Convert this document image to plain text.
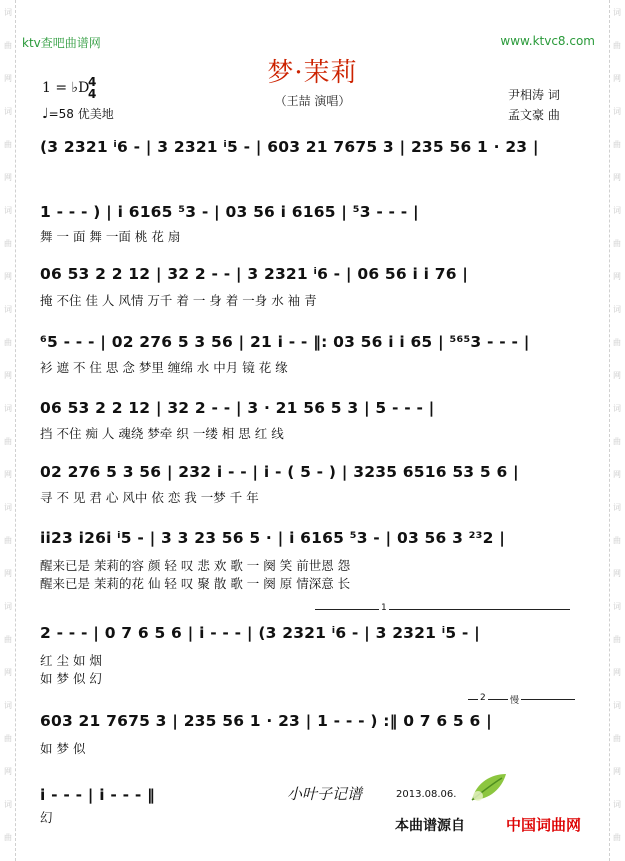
词
曲
网
词
曲
网
词
曲
网
词
曲
网
词
曲
网
词
曲
网
词
曲
网
词
曲
网
词
曲
词
曲
网
词
曲
网
词
曲
网
词
曲
网
词
曲
网
词
曲
网
词
曲
网
词
曲
网
词
曲
ktv查吧曲谱网	www.ktvc8.com
梦·茉莉
（王喆 演唱）
1 = ♭D
4
4
♩=58 优美地
尹相涛 词
孟文豪 曲
(3 2321 ⁱ6 - | 3 2321 ⁱ5 - | 603 21 7675 3 | 235 56 1 · 23 |
1 - - - ) | i 6165 ⁵3 - | 03 56 i 6165 | ⁵3 - - - |
舞 一 面 舞 一面 桃 花 扇
06 53 2 2 12 | 32 2 - - | 3 2321 ⁱ6 - | 06 56 i i 76 |
掩 不住 佳 人 风情 万千 着 一 身 着 一身 水 袖 青
⁶5 - - - | 02 276 5 3 56 | 21 i - - ‖: 03 56 i i 65 | ⁵⁶⁵3 - - - |
衫 遮 不 住 思 念 梦里 缠绵 水 中月 镜 花 缘
06 53 2 2 12 | 32 2 - - | 3 · 21 56 5 3 | 5 - - - |
挡 不住 痴 人 魂绕 梦牵 织 一缕 相 思 红 线
02 276 5 3 56 | 232 i - - | i - ( 5 - ) | 3235 6516 53 5 6 |
寻 不 见 君 心 风中 依 恋 我 一梦 千 年
ii23 i26i ⁱ5 - | 3 3 23 56 5 · | i 6165 ⁵3 - | 03 56 3 ²³2 |
醒来已是 茉莉的容 颜 轻 叹 悲 欢 歌 一 阕 笑 前世恩 怨
醒来已是 茉莉的花 仙 轻 叹 聚 散 歌 一 阕 原 情深意 长
1
2 - - - | 0 7 6 5 6 | i - - - | (3 2321 ⁱ6 - | 3 2321 ⁱ5 - |
红 尘 如 烟
如 梦 似 幻
2	慢
603 21 7675 3 | 235 56 1 · 23 | 1 - - - ) :‖ 0 7 6 5 6 |
如 梦 似
i - - - | i - - - ‖
幻
小叶子记谱	2013.08.06.
本曲谱源自	中国词曲网
